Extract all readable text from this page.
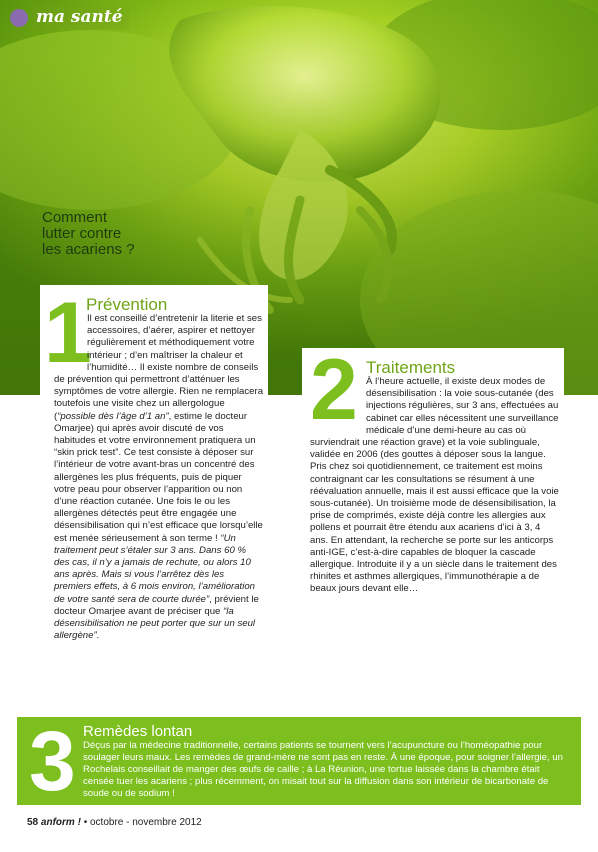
ma santé
Comment
lutter contre
les acariens ?
1
Prévention
Il est conseillé d’entretenir la literie et ses accessoires, d’aérer, aspirer et nettoyer régulièrement et méthodiquement votre intérieur ; d’en maîtriser la chaleur et l’humidité… Il existe nombre de conseils de prévention qui permettront d’atténuer les symptômes de votre allergie. Rien ne remplacera toutefois une visite chez un allergologue (“possible dès l’âge d’1 an”, estime le docteur Omarjee) qui après avoir discuté de vos habitudes et votre environnement pratiquera un “skin prick test”. Ce test consiste à déposer sur l’intérieur de votre avant-bras un concentré des allergènes les plus fréquents, puis de piquer votre peau pour observer l’apparition ou non d’une réaction cutanée. Une fois le ou les allergènes détectés peut être engagée une désensibilisation qui n’est efficace que lorsqu’elle est menée sérieusement à son terme ! “Un traitement peut s’étaler sur 3 ans. Dans 60 % des cas, il n’y a jamais de rechute, ou alors 10 ans après. Mais si vous l’arrêtez dès les premiers effets, à 6 mois environ, l’amélioration de votre santé sera de courte durée”, prévient le docteur Omarjee avant de préciser que “la désensibilisation ne peut porter que sur un seul allergène”.
2 Traitements
À l’heure actuelle, il existe deux modes de désensibilisation : la voie sous-cutanée (des injections régulières, sur 3 ans, effectuées au cabinet car elles nécessitent une surveillance médicale d’une demi-heure au cas où surviendrait une réaction grave) et la voie sublinguale, validée en 2006 (des gouttes à déposer sous la langue. Pris chez soi quotidiennement, ce traitement est moins contraignant car les consultations se résument à une réévaluation annuelle, mais il est aussi efficace que la voie sous-cutanée). Un troisième mode de désensibilisation, la prise de comprimés, existe déjà contre les allergies aux pollens et pourrait être étendu aux acariens d’ici à 3, 4 ans. En attendant, la recherche se porte sur les anticorps anti-IGE, c’est-à-dire capables de bloquer la cascade allergique. Introduite il y a un siècle dans le traitement des rhinites et asthmes allergiques, l’immunothérapie a de beaux jours devant elle…
3 Remèdes lontan
Déçus par la médecine traditionnelle, certains patients se tournent vers l’acupuncture ou l’homéopathie pour soulager leurs maux. Les remèdes de grand-mère ne sont pas en reste. À une époque, pour soigner l’allergie, un Rochelais conseillait de manger des œufs de caille ; à La Réunion, une tortue laissée dans la chambre était censée tuer les acariens ; plus récemment, on misait tout sur la diffusion dans son intérieur de bicarbonate de soude ou de sodium !
58 anform ! • octobre - novembre 2012
